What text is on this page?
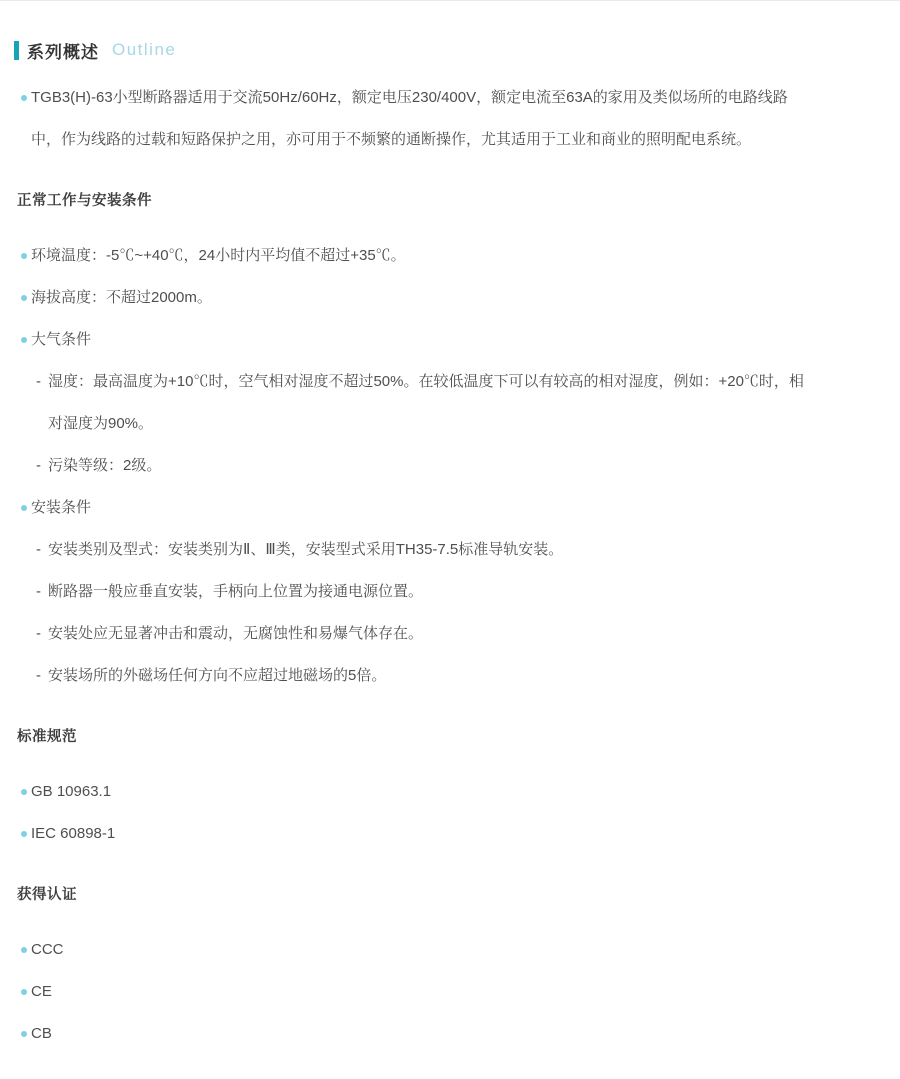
系列概述 Outline
TGB3(H)-63小型断路器适用于交流50Hz/60Hz，额定电压230/400V，额定电流至63A的家用及类似场所的电路线路中，作为线路的过载和短路保护之用，亦可用于不频繁的通断操作，尤其适用于工业和商业的照明配电系统。
正常工作与安装条件
环境温度：-5℃~+40℃，24小时内平均值不超过+35℃。
海拔高度：不超过2000m。
大气条件
- 湿度：最高温度为+10℃时，空气相对湿度不超过50%。在较低温度下可以有较高的相对湿度，例如：+20℃时，相对湿度为90%。
- 污染等级：2级。
安装条件
- 安装类别及型式：安装类别为Ⅱ、Ⅲ类，安装型式采用TH35-7.5标准导轨安装。
- 断路器一般应垂直安装，手柄向上位置为接通电源位置。
- 安装处应无显著冲击和震动，无腐蚀性和易爆气体存在。
- 安装场所的外磁场任何方向不应超过地磁场的5倍。
标准规范
GB 10963.1
IEC 60898-1
获得认证
CCC
CE
CB
